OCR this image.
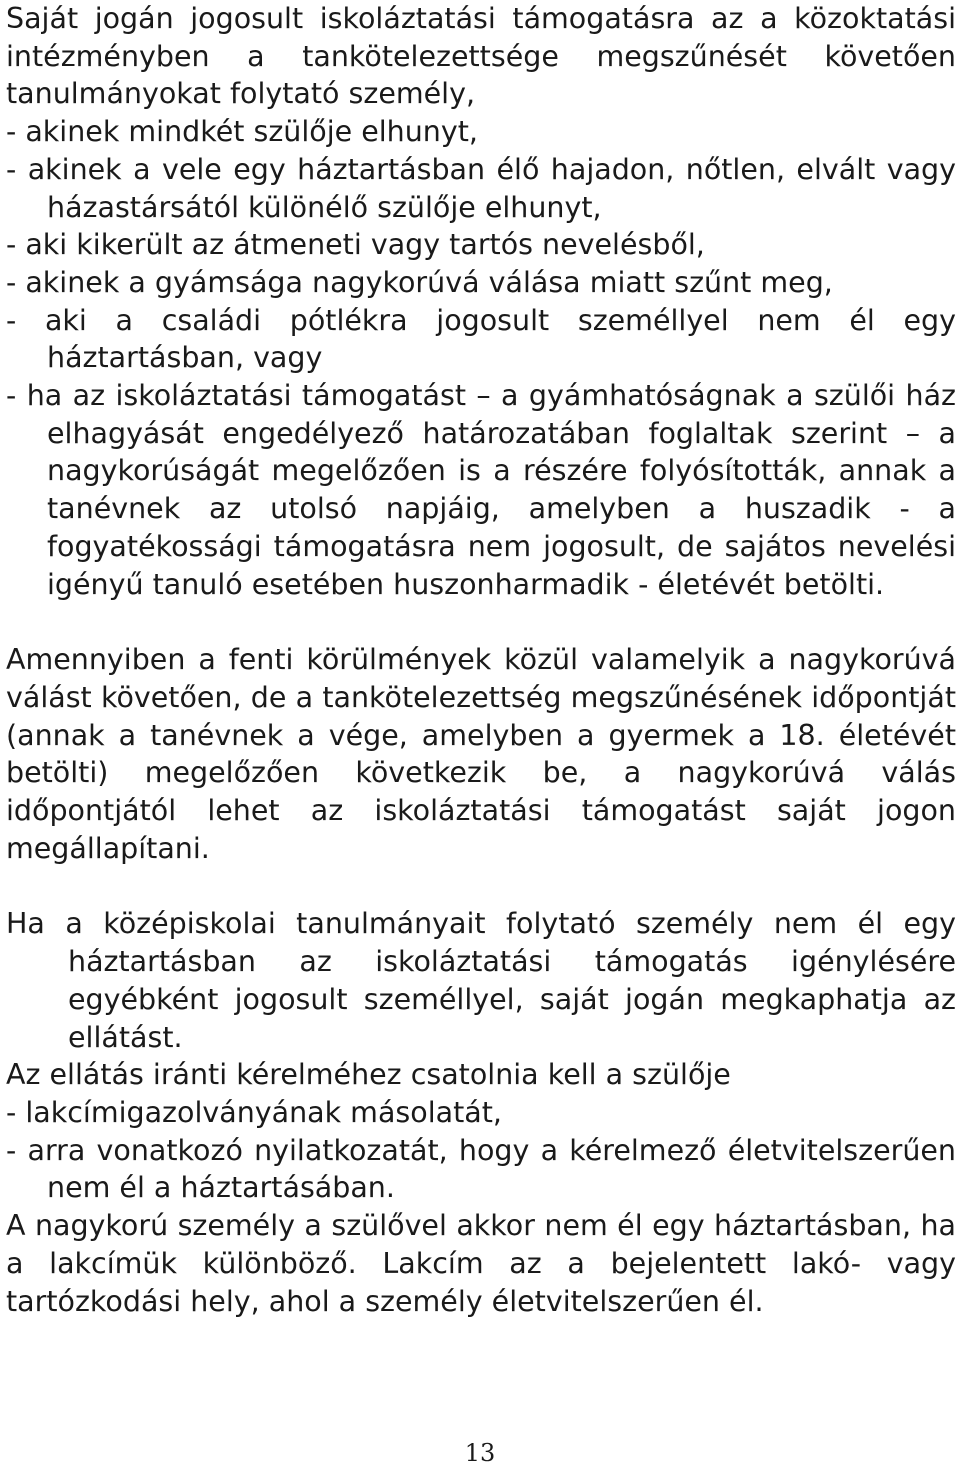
Saját jogán jogosult iskoláztatási támogatásra az a közoktatási intézményben a tankötelezettsége megszűnését követően tanulmányokat folytató személy,

- akinek mindkét szülője elhunyt,

- akinek a vele egy háztartásban élő hajadon, nőtlen, elvált vagy házastársától különélő szülője elhunyt,

- aki kikerült az átmeneti vagy tartós nevelésből,

- akinek a gyámsága nagykorúvá válása miatt szűnt meg,

- aki a családi pótlékra jogosult személlyel nem él egy háztartásban, vagy

- ha az iskoláztatási támogatást – a gyámhatóságnak a szülői ház elhagyását engedélyező határozatában foglaltak szerint – a nagykorúságát megelőzően is a részére folyósították, annak a tanévnek az utolsó napjáig, amelyben a huszadik - a fogyatékossági támogatásra nem jogosult, de sajátos nevelési igényű tanuló esetében huszonharmadik - életévét betölti.

Amennyiben a fenti körülmények közül valamelyik a nagykorúvá válást követően, de a tankötelezettség megszűnésének időpontját (annak a tanévnek a vége, amelyben a gyermek a 18. életévét betölti) megelőzően következik be, a nagykorúvá válás időpontjától lehet az iskoláztatási támogatást saját jogon megállapítani.

Ha a középiskolai tanulmányait folytató személy nem él egy háztartásban az iskoláztatási támogatás igénylésére egyébként jogosult személlyel, saját jogán megkaphatja az ellátást.

Az ellátás iránti kérelméhez csatolnia kell a szülője

- lakcímigazolványának másolatát,

- arra vonatkozó nyilatkozatát, hogy a kérelmező életvitelszerűen nem él a háztartásában.

A nagykorú személy a szülővel akkor nem él egy háztartásban, ha a lakcímük különböző. Lakcím az a bejelentett lakó- vagy tartózkodási hely, ahol a személy életvitelszerűen él.

13
